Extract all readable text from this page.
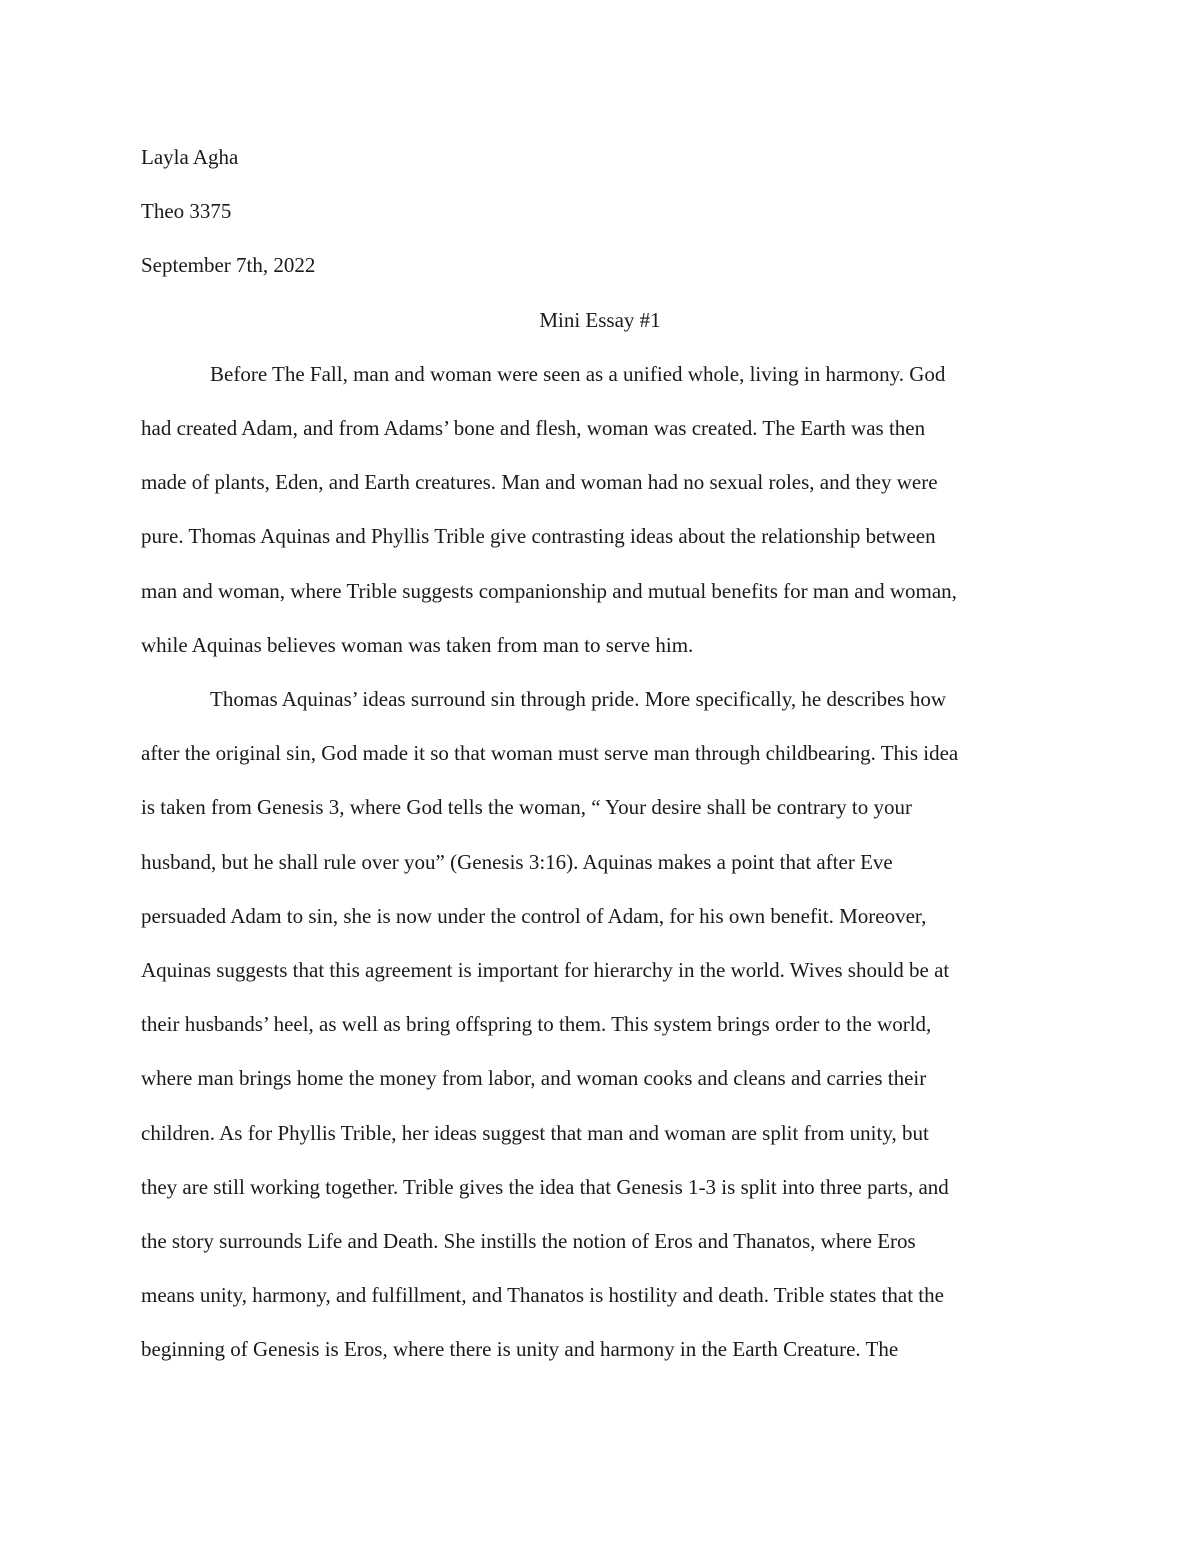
Layla Agha

Theo 3375

September 7th, 2022

Mini Essay #1

Before The Fall, man and woman were seen as a unified whole, living in harmony. God

had created Adam, and from Adams’ bone and flesh, woman was created. The Earth was then

made of plants, Eden, and Earth creatures. Man and woman had no sexual roles, and they were

pure. Thomas Aquinas and Phyllis Trible give contrasting ideas about the relationship between

man and woman, where Trible suggests companionship and mutual benefits for man and woman,

while Aquinas believes woman was taken from man to serve him.

Thomas Aquinas’ ideas surround sin through pride. More specifically, he describes how

after the original sin, God made it so that woman must serve man through childbearing. This idea

is taken from Genesis 3, where God tells the woman, “ Your desire shall be contrary to your

husband, but he shall rule over you” (Genesis 3:16). Aquinas makes a point that after Eve

persuaded Adam to sin, she is now under the control of Adam, for his own benefit. Moreover,

Aquinas suggests that this agreement is important for hierarchy in the world. Wives should be at

their husbands’ heel, as well as bring offspring to them. This system brings order to the world,

where man brings home the money from labor, and woman cooks and cleans and carries their

children. As for Phyllis Trible, her ideas suggest that man and woman are split from unity, but

they are still working together. Trible gives the idea that Genesis 1-3 is split into three parts, and

the story surrounds Life and Death. She instills the notion of Eros and Thanatos, where Eros

means unity, harmony, and fulfillment, and Thanatos is hostility and death. Trible states that the

beginning of Genesis is Eros, where there is unity and harmony in the Earth Creature. The
